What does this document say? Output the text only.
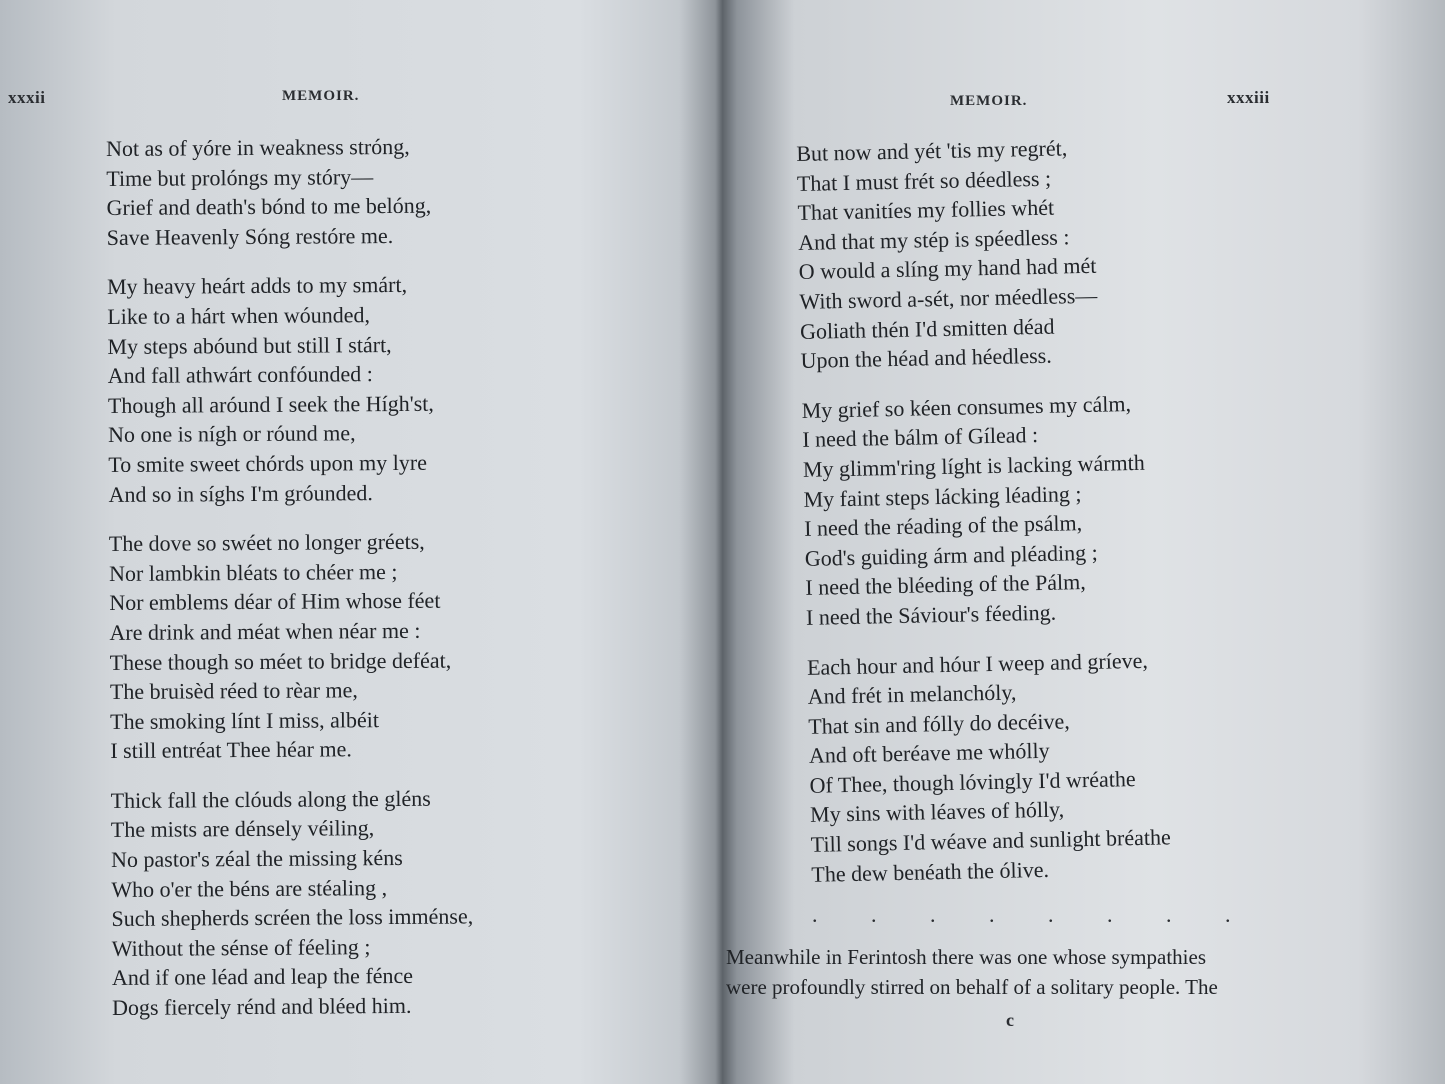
xxxii	MEMOIR.
Not as of yóre in weakness stróng,
Time but prolóngs my stóry—
Grief and death's bónd to me belóng,
Save Heavenly Sóng restóre me.
My heavy heárt adds to my smárt,
Like to a hárt when wóunded,
My steps abóund but still I stárt,
And fall athwárt confóunded :
Though all aróund I seek the Hígh'st,
No one is nígh or róund me,
To smite sweet chórds upon my lyre
And so in síghs I'm gróunded.
The dove so swéet no longer gréets,
Nor lambkin bléats to chéer me ;
Nor emblems déar of Him whose féet
Are drink and méat when néar me :
These though so méet to bridge deféat,
The bruisèd réed to rèar me,
The smoking línt I miss, albéit
I still entréat Thee héar me.
Thick fall the clóuds along the gléns
The mists are dénsely véiling,
No pastor's zéal the missing kéns
Who o'er the béns are stéaling ,
Such shepherds scréen the loss imménse,
Without the sénse of féeling ;
And if one léad and leap the fénce
Dogs fiercely rénd and bléed him.
MEMOIR.	xxxiii
But now and yét 'tis my regrét,
That I must frét so déedless ;
That vanitíes my follies whét
And that my stép is spéedless :
O would a slíng my hand had mét
With sword a-sét, nor méedless—
Goliath thén I'd smitten déad
Upon the héad and héedless.
My grief so kéen consumes my cálm,
I need the bálm of Gílead :
My glimm'ring líght is lacking wármth
My faint steps lácking léading ;
I need the réading of the psálm,
God's guiding árm and pléading ;
I need the bléeding of the Pálm,
I need the Sáviour's féeding.
Each hour and hóur I weep and gríeve,
And frét in melanchóly,
That sin and fólly do decéive,
And oft beréave me whólly
Of Thee, though lóvingly I'd wréathe
My sins with léaves of hólly,
Till songs I'd wéave and sunlight bréathe
The dew benéath the ólive.
. . . . . . . .
Meanwhile in Ferintosh there was one whose sympathies
were profoundly stirred on behalf of a solitary people. The
c
